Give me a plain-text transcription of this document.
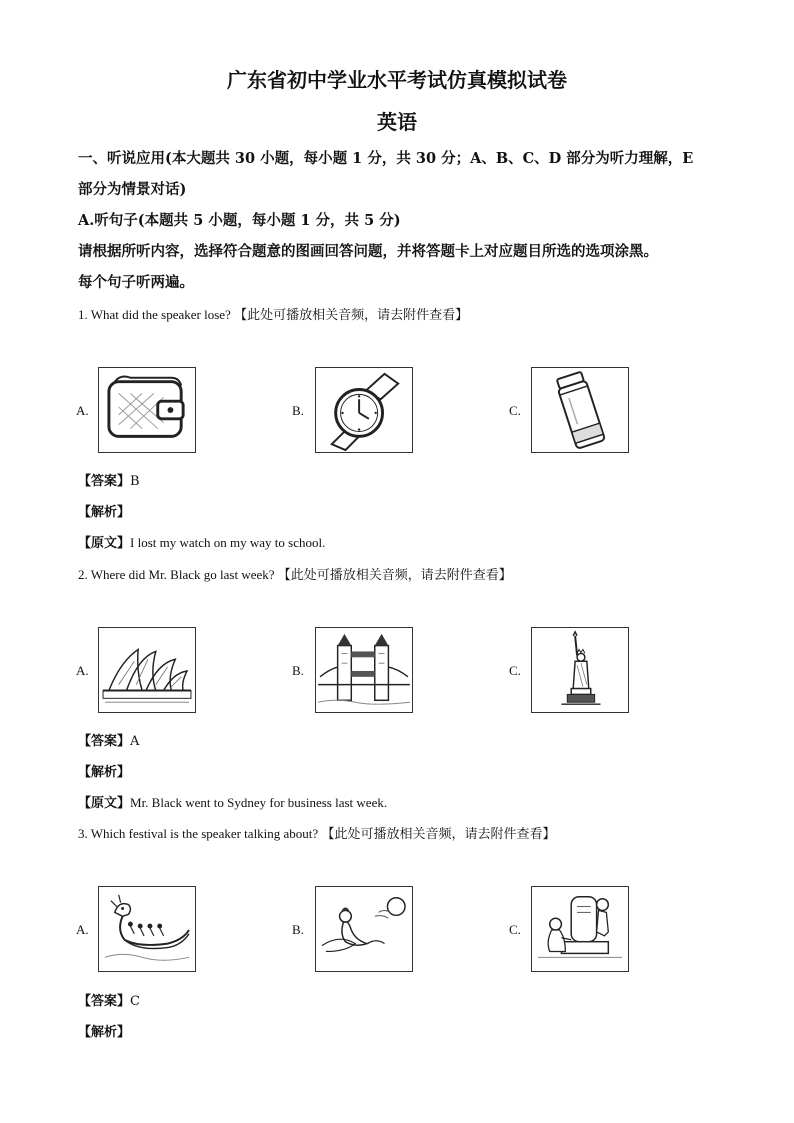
广东省初中学业水平考试仿真模拟试卷
英语
一、听说应用(本大题共 30 小题，每小题 1 分，共 30 分；A、B、C、D 部分为听力理解，E
部分为情景对话)
A.听句子(本题共 5 小题，每小题 1 分，共 5 分)
请根据所听内容，选择符合题意的图画回答问题，并将答题卡上对应题目所选的选项涂黑。
每个句子听两遍。
1. What did the speaker lose? 【此处可播放相关音频，请去附件查看】
A.	B.	C.
【答案】B
【解析】
【原文】I lost my watch on my way to school.
2. Where did Mr. Black go last week? 【此处可播放相关音频，请去附件查看】
A.	B.	C.
【答案】A
【解析】
【原文】Mr. Black went to Sydney for business last week.
3. Which festival is the speaker talking about? 【此处可播放相关音频，请去附件查看】
A.	B.	C.
【答案】C
【解析】
